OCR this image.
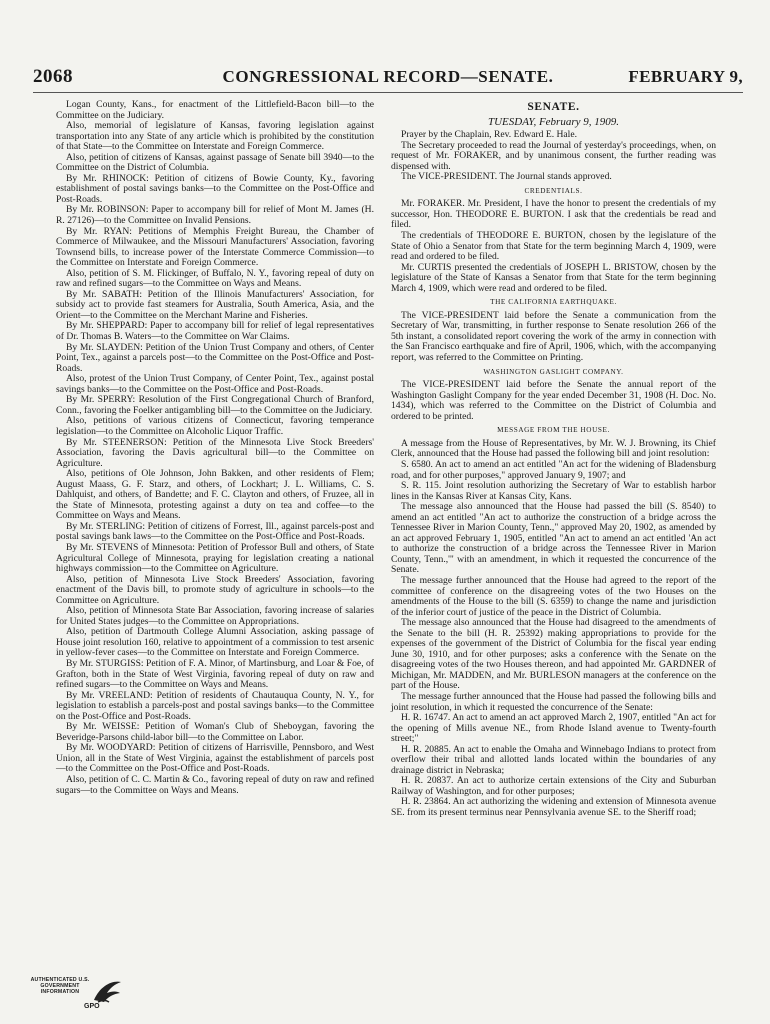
2068	CONGRESSIONAL RECORD—SENATE.	FEBRUARY 9,

Logan County, Kans., for enactment of the Littlefield-Bacon bill—to the Committee on the Judiciary.

Also, memorial of legislature of Kansas, favoring legislation against transportation into any State of any article which is prohibited by the constitution of that State—to the Committee on Interstate and Foreign Commerce.

Also, petition of citizens of Kansas, against passage of Senate bill 3940—to the Committee on the District of Columbia.

By Mr. RHINOCK: Petition of citizens of Bowie County, Ky., favoring establishment of postal savings banks—to the Committee on the Post-Office and Post-Roads.

By Mr. ROBINSON: Paper to accompany bill for relief of Mont M. James (H. R. 27126)—to the Committee on Invalid Pensions.

By Mr. RYAN: Petitions of Memphis Freight Bureau, the Chamber of Commerce of Milwaukee, and the Missouri Manufacturers' Association, favoring Townsend bills, to increase power of the Interstate Commerce Commission—to the Committee on Interstate and Foreign Commerce.

Also, petition of S. M. Flickinger, of Buffalo, N. Y., favoring repeal of duty on raw and refined sugars—to the Committee on Ways and Means.

By Mr. SABATH: Petition of the Illinois Manufacturers' Association, for subsidy act to provide fast steamers for Australia, South America, Asia, and the Orient—to the Committee on the Merchant Marine and Fisheries.

By Mr. SHEPPARD: Paper to accompany bill for relief of legal representatives of Dr. Thomas B. Waters—to the Committee on War Claims.

By Mr. SLAYDEN: Petition of the Union Trust Company and others, of Center Point, Tex., against a parcels post—to the Committee on the Post-Office and Post-Roads.

Also, protest of the Union Trust Company, of Center Point, Tex., against postal savings banks—to the Committee on the Post-Office and Post-Roads.

By Mr. SPERRY: Resolution of the First Congregational Church of Branford, Conn., favoring the Foelker antigambling bill—to the Committee on the Judiciary.

Also, petitions of various citizens of Connecticut, favoring temperance legislation—to the Committee on Alcoholic Liquor Traffic.

By Mr. STEENERSON: Petition of the Minnesota Live Stock Breeders' Association, favoring the Davis agricultural bill—to the Committee on Agriculture.

Also, petitions of Ole Johnson, John Bakken, and other residents of Flem; August Maass, G. F. Starz, and others, of Lockhart; J. L. Williams, C. S. Dahlquist, and others, of Bandette; and F. C. Clayton and others, of Fruzee, all in the State of Minnesota, protesting against a duty on tea and coffee—to the Committee on Ways and Means.

By Mr. STERLING: Petition of citizens of Forrest, Ill., against parcels-post and postal savings bank laws—to the Committee on the Post-Office and Post-Roads.

By Mr. STEVENS of Minnesota: Petition of Professor Bull and others, of State Agricultural College of Minnesota, praying for legislation creating a national highways commission—to the Committee on Agriculture.

Also, petition of Minnesota Live Stock Breeders' Association, favoring enactment of the Davis bill, to promote study of agriculture in schools—to the Committee on Agriculture.

Also, petition of Minnesota State Bar Association, favoring increase of salaries for United States judges—to the Committee on Appropriations.

Also, petition of Dartmouth College Alumni Association, asking passage of House joint resolution 160, relative to appointment of a commission to test arsenic in yellow-fever cases—to the Committee on Interstate and Foreign Commerce.

By Mr. STURGISS: Petition of F. A. Minor, of Martinsburg, and Loar & Foe, of Grafton, both in the State of West Virginia, favoring repeal of duty on raw and refined sugars—to the Committee on Ways and Means.

By Mr. VREELAND: Petition of residents of Chautauqua County, N. Y., for legislation to establish a parcels-post and postal savings banks—to the Committee on the Post-Office and Post-Roads.

By Mr. WEISSE: Petition of Woman's Club of Sheboygan, favoring the Beveridge-Parsons child-labor bill—to the Committee on Labor.

By Mr. WOODYARD: Petition of citizens of Harrisville, Pennsboro, and West Union, all in the State of West Virginia, against the establishment of parcels post—to the Committee on the Post-Office and Post-Roads.

Also, petition of C. C. Martin & Co., favoring repeal of duty on raw and refined sugars—to the Committee on Ways and Means.

SENATE.

TUESDAY, February 9, 1909.

Prayer by the Chaplain, Rev. Edward E. Hale.

The Secretary proceeded to read the Journal of yesterday's proceedings, when, on request of Mr. FORAKER, and by unanimous consent, the further reading was dispensed with.

The VICE-PRESIDENT. The Journal stands approved.

CREDENTIALS.

Mr. FORAKER. Mr. President, I have the honor to present the credentials of my successor, Hon. THEODORE E. BURTON. I ask that the credentials be read and filed.

The credentials of THEODORE E. BURTON, chosen by the legislature of the State of Ohio a Senator from that State for the term beginning March 4, 1909, were read and ordered to be filed.

Mr. CURTIS presented the credentials of JOSEPH L. BRISTOW, chosen by the legislature of the State of Kansas a Senator from that State for the term beginning March 4, 1909, which were read and ordered to be filed.

THE CALIFORNIA EARTHQUAKE.

The VICE-PRESIDENT laid before the Senate a communication from the Secretary of War, transmitting, in further response to Senate resolution 266 of the 5th instant, a consolidated report covering the work of the army in connection with the San Francisco earthquake and fire of April, 1906, which, with the accompanying report, was referred to the Committee on Printing.

WASHINGTON GASLIGHT COMPANY.

The VICE-PRESIDENT laid before the Senate the annual report of the Washington Gaslight Company for the year ended December 31, 1908 (H. Doc. No. 1434), which was referred to the Committee on the District of Columbia and ordered to be printed.

MESSAGE FROM THE HOUSE.

A message from the House of Representatives, by Mr. W. J. Browning, its Chief Clerk, announced that the House had passed the following bill and joint resolution:

S. 6580. An act to amend an act entitled "An act for the widening of Bladensburg road, and for other purposes," approved January 9, 1907; and

S. R. 115. Joint resolution authorizing the Secretary of War to establish harbor lines in the Kansas River at Kansas City, Kans.

The message also announced that the House had passed the bill (S. 8540) to amend an act entitled "An act to authorize the construction of a bridge across the Tennessee River in Marion County, Tenn.," approved May 20, 1902, as amended by an act approved February 1, 1905, entitled "An act to amend an act entitled 'An act to authorize the construction of a bridge across the Tennessee River in Marion County, Tenn.,'" with an amendment, in which it requested the concurrence of the Senate.

The message further announced that the House had agreed to the report of the committee of conference on the disagreeing votes of the two Houses on the amendments of the House to the bill (S. 6359) to change the name and jurisdiction of the inferior court of justice of the peace in the District of Columbia.

The message also announced that the House had disagreed to the amendments of the Senate to the bill (H. R. 25392) making appropriations to provide for the expenses of the government of the District of Columbia for the fiscal year ending June 30, 1910, and for other purposes; asks a conference with the Senate on the disagreeing votes of the two Houses thereon, and had appointed Mr. GARDNER of Michigan, Mr. MADDEN, and Mr. BURLESON managers at the conference on the part of the House.

The message further announced that the House had passed the following bills and joint resolution, in which it requested the concurrence of the Senate:

H. R. 16747. An act to amend an act approved March 2, 1907, entitled "An act for the opening of Mills avenue NE., from Rhode Island avenue to Twenty-fourth street;"

H. R. 20885. An act to enable the Omaha and Winnebago Indians to protect from overflow their tribal and allotted lands located within the boundaries of any drainage district in Nebraska;

H. R. 20837. An act to authorize certain extensions of the City and Suburban Railway of Washington, and for other purposes;

H. R. 23864. An act authorizing the widening and extension of Minnesota avenue SE. from its present terminus near Pennsylvania avenue SE. to the Sheriff road;

AUTHENTICATED U.S. GOVERNMENT INFORMATION
GPO
